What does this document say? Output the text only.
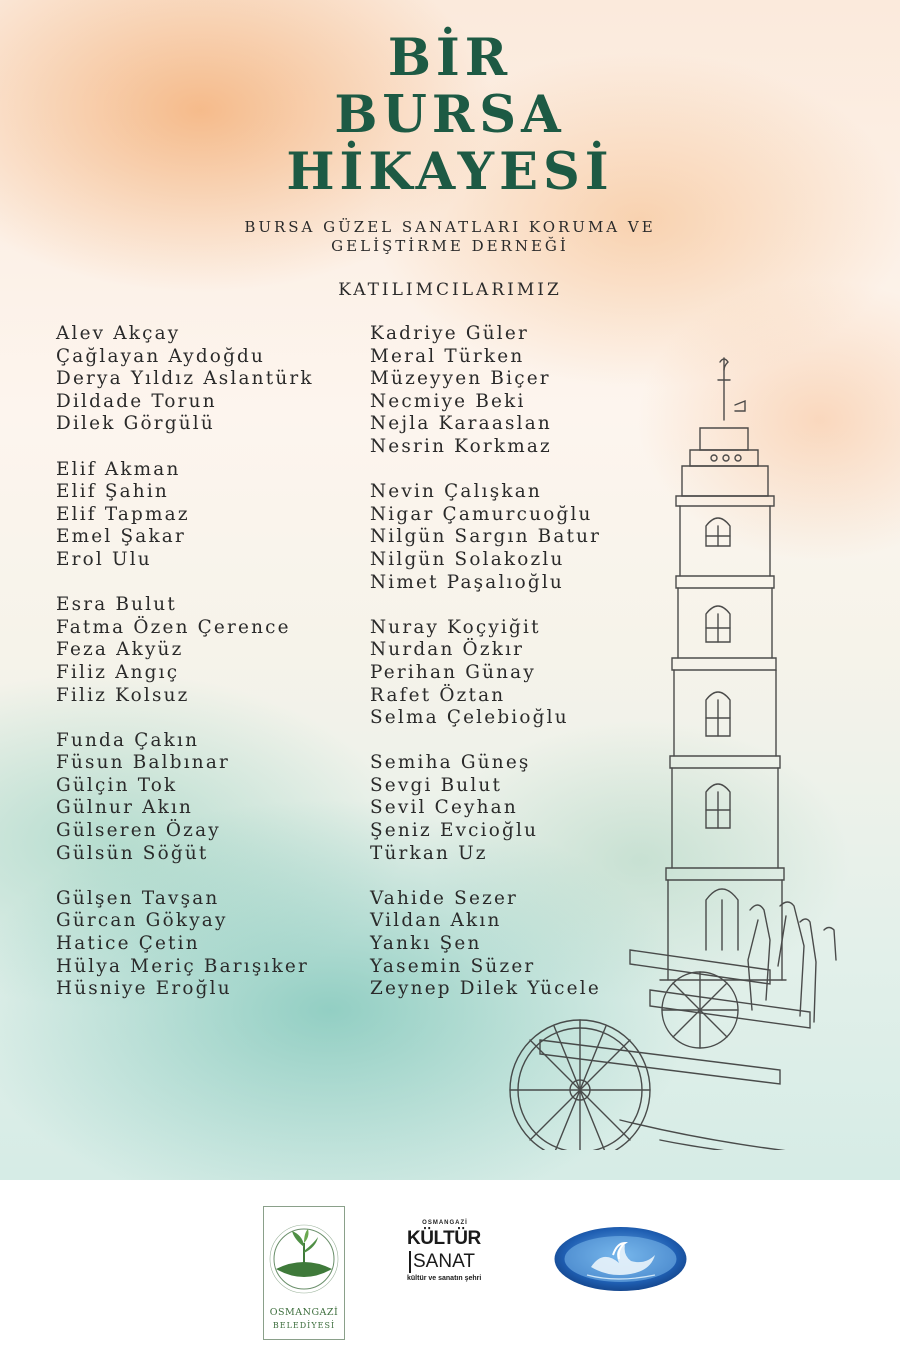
BİR
BURSA
HİKAYESİ
BURSA GÜZEL SANATLARI KORUMA VE GELİŞTİRME DERNEĞİ
KATILIMCILARIMIZ
Alev Akçay
Çağlayan Aydoğdu
Derya Yıldız Aslantürk
Dildade Torun
Dilek Görgülü
Elif Akman
Elif Şahin
Elif Tapmaz
Emel Şakar
Erol Ulu
Esra Bulut
Fatma Özen Çerence
Feza Akyüz
Filiz Angıç
Filiz Kolsuz
Funda Çakın
Füsun Balbınar
Gülçin Tok
Gülnur Akın
Gülseren Özay
Gülsün Söğüt
Gülşen Tavşan
Gürcan Gökyay
Hatice Çetin
Hülya Meriç Barışıker
Hüsniye Eroğlu
Kadriye Güler
Meral Türken
Müzeyyen Biçer
Necmiye Beki
Nejla Karaaslan
Nesrin Korkmaz
Nevin Çalışkan
Nigar Çamurcuoğlu
Nilgün Sargın Batur
Nilgün Solakozlu
Nimet Paşalıoğlu
Nuray Koçyiğit
Nurdan Özkır
Perihan Günay
Rafet Öztan
Selma Çelebioğlu
Semiha Güneş
Sevgi Bulut
Sevil Ceyhan
Şeniz Evcioğlu
Türkan Uz
Vahide Sezer
Vildan Akın
Yankı Şen
Yasemin Süzer
Zeynep Dilek Yücele
OSMANGAZİ
BELEDİYESİ
OSMANGAZİ
KÜLTÜR
SANAT
kültür ve sanatın şehri
